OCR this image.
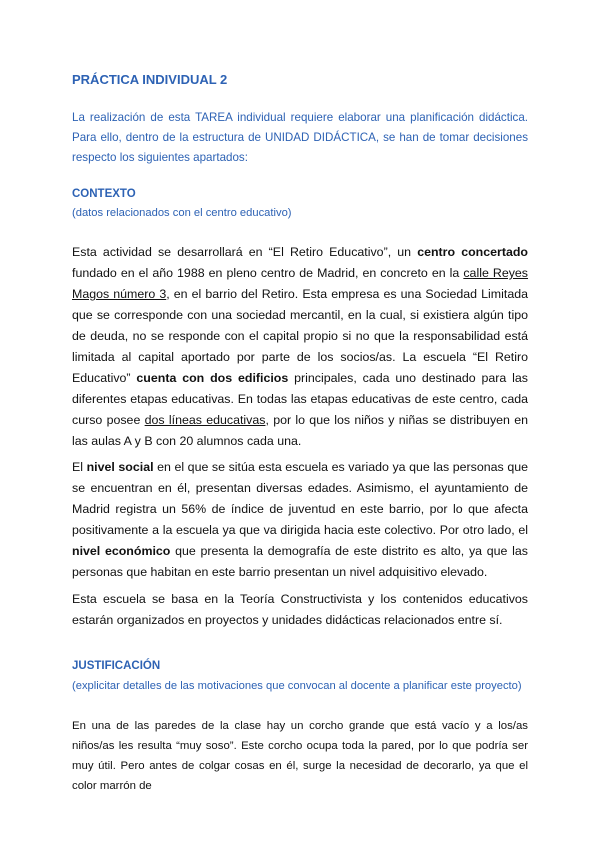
PRÁCTICA INDIVIDUAL 2
La realización de esta TAREA individual requiere elaborar una planificación didáctica. Para ello, dentro de la estructura de UNIDAD DIDÁCTICA, se han de tomar decisiones respecto los siguientes apartados:
CONTEXTO
(datos relacionados con el centro educativo)
Esta actividad se desarrollará en “El Retiro Educativo”, un centro concertado fundado en el año 1988 en pleno centro de Madrid, en concreto en la calle Reyes Magos número 3, en el barrio del Retiro. Esta empresa es una Sociedad Limitada que se corresponde con una sociedad mercantil, en la cual, si existiera algún tipo de deuda, no se responde con el capital propio si no que la responsabilidad está limitada al capital aportado por parte de los socios/as. La escuela “El Retiro Educativo” cuenta con dos edificios principales, cada uno destinado para las diferentes etapas educativas. En todas las etapas educativas de este centro, cada curso posee dos líneas educativas, por lo que los niños y niñas se distribuyen en las aulas A y B con 20 alumnos cada una.
El nivel social en el que se sitúa esta escuela es variado ya que las personas que se encuentran en él, presentan diversas edades. Asimismo, el ayuntamiento de Madrid registra un 56% de índice de juventud en este barrio, por lo que afecta positivamente a la escuela ya que va dirigida hacia este colectivo. Por otro lado, el nivel económico que presenta la demografía de este distrito es alto, ya que las personas que habitan en este barrio presentan un nivel adquisitivo elevado.
Esta escuela se basa en la Teoría Constructivista y los contenidos educativos estarán organizados en proyectos y unidades didácticas relacionados entre sí.
JUSTIFICACIÓN
(explicitar detalles de las motivaciones que convocan al docente a planificar este proyecto)
En una de las paredes de la clase hay un corcho grande que está vacío y a los/as niños/as les resulta “muy soso”. Este corcho ocupa toda la pared, por lo que podría ser muy útil. Pero antes de colgar cosas en él, surge la necesidad de decorarlo, ya que el color marrón de
